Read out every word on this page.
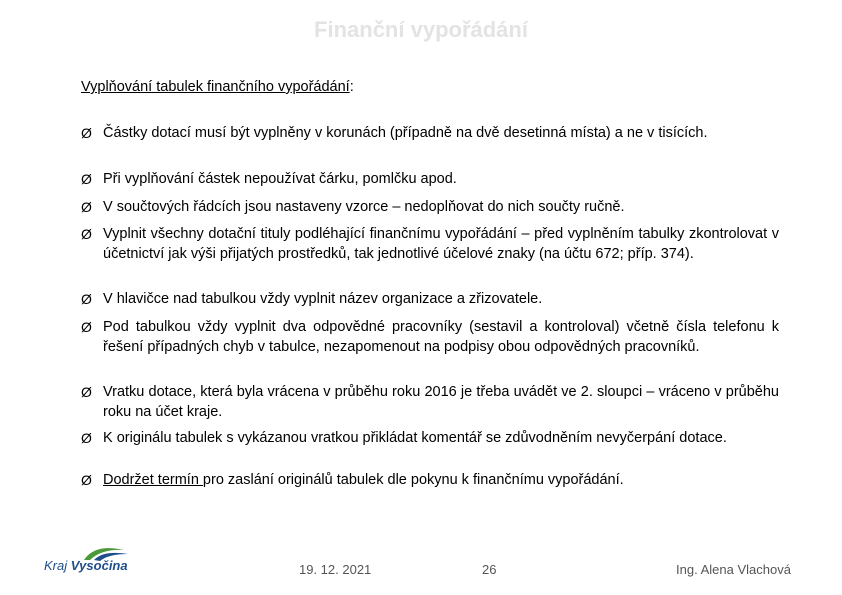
Finanční vypořádání
Vyplňování tabulek finančního vypořádání:
Ø Částky dotací musí být vyplněny v korunách (případně na dvě desetinná místa) a ne v tisících.
Ø Při vyplňování částek nepoužívat čárku, pomlčku apod.
Ø V součtových řádcích jsou nastaveny vzorce – nedoplňovat do nich součty ručně.
Ø Vyplnit všechny dotační tituly podléhající finančnímu vypořádání – před vyplněním tabulky zkontrolovat v účetnictví jak výši přijatých prostředků, tak jednotlivé účelové znaky (na účtu 672; příp. 374).
Ø V hlavičce nad tabulkou vždy vyplnit název organizace a zřizovatele.
Ø Pod tabulkou vždy vyplnit dva odpovědné pracovníky (sestavil a kontroloval) včetně čísla telefonu k řešení případných chyb v tabulce, nezapomenout na podpisy obou odpovědných pracovníků.
Ø Vratku dotace, která byla vrácena v průběhu roku 2016 je třeba uvádět ve 2. sloupci – vráceno v průběhu roku na účet kraje.
Ø K originálu tabulek s vykázanou vratkou přikládat komentář se zdůvodněním nevyčerpání dotace.
Ø Dodržet termín pro zaslání originálů tabulek dle pokynu k finančnímu vypořádání.
Kraj Vysočina	19. 12. 2021	26	Ing. Alena Vlachová
